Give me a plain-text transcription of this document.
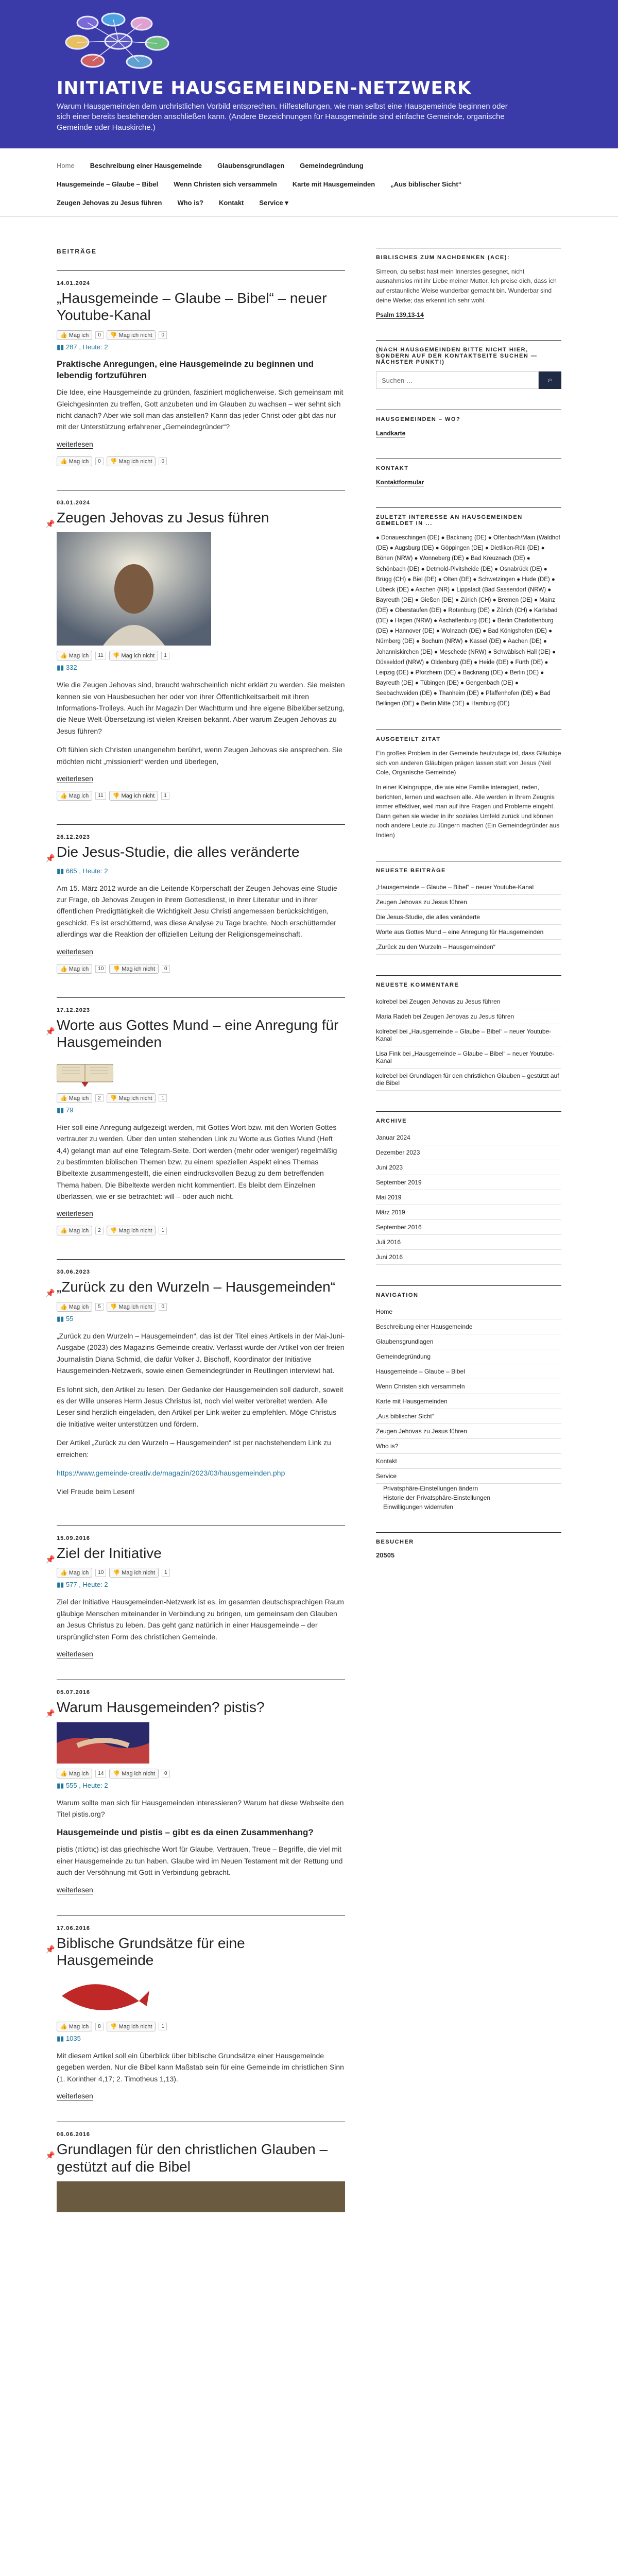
INITIATIVE HAUSGEMEINDEN-NETZWERK
Warum Hausgemeinden dem urchristlichen Vorbild entsprechen. Hilfestellungen, wie man selbst eine Hausgemeinde beginnen oder sich einer bereits bestehenden anschließen kann. (Andere Bezeichnungen für Hausgemeinde sind einfache Gemeinde, organische Gemeinde oder Hauskirche.)
Home Beschreibung einer Hausgemeinde Glaubensgrundlagen Gemeindegründung
Hausgemeinde – Glaube – Bibel Wenn Christen sich versammeln Karte mit Hausgemeinden „Aus biblischer Sicht“
Zeugen Jehovas zu Jesus führen Who is? Kontakt Service ▾
BEITRÄGE
14.01.2024
„Hausgemeinde – Glaube – Bibel“ – neuer Youtube-Kanal
👍 Mag ich	0	👎 Mag ich nicht	0
▮▮ 287 , Heute: 2
Praktische Anregungen, eine Hausgemeinde zu beginnen und lebendig fortzuführen

Die Idee, eine Hausgemeinde zu gründen, fasziniert möglicherweise. Sich gemeinsam mit Gleichgesinnten zu treffen, Gott anzubeten und im Glauben zu wachsen – wer sehnt sich nicht danach? Aber wie soll man das anstellen? Kann das jeder Christ oder gibt das nur mit der Unterstützung erfahrener „Gemeindegründer“?

weiterlesen
👍 Mag ich	0	👎 Mag ich nicht	0
📌
03.01.2024
Zeugen Jehovas zu Jesus führen
👍 Mag ich	11	👎 Mag ich nicht	1
▮▮ 332

Wie die Zeugen Jehovas sind, braucht wahrscheinlich nicht erklärt zu werden. Sie meisten kennen sie von Hausbesuchen her oder von ihrer Öffentlichkeitsarbeit mit ihren Informations-Trolleys. Auch ihr Magazin Der Wachtturm und ihre eigene Bibelübersetzung, die Neue Welt-Übersetzung ist vielen Kreisen bekannt. Aber warum Zeugen Jehovas zu Jesus führen?

Oft fühlen sich Christen unangenehm berührt, wenn Zeugen Jehovas sie ansprechen. Sie möchten nicht „missioniert“ werden und überlegen,

weiterlesen
👍 Mag ich	11	👎 Mag ich nicht	1
📌
26.12.2023
Die Jesus-Studie, die alles veränderte
▮▮ 665 , Heute: 2

Am 15. März 2012 wurde an die Leitende Körperschaft der Zeugen Jehovas eine Studie zur Frage, ob Jehovas Zeugen in ihrem Gottesdienst, in ihrer Literatur und in ihrer öffentlichen Predigttätigkeit die Wichtigkeit Jesu Christi angemessen berücksichtigen, geschickt. Es ist erschütternd, was diese Analyse zu Tage brachte. Noch erschütternder allerdings war die Reaktion der offiziellen Leitung der Religionsgemeinschaft.

weiterlesen
👍 Mag ich	10	👎 Mag ich nicht	0
📌
17.12.2023
Worte aus Gottes Mund – eine Anregung für Hausgemeinden
👍 Mag ich	2	👎 Mag ich nicht	1
▮▮ 79

Hier soll eine Anregung aufgezeigt werden, mit Gottes Wort bzw. mit den Worten Gottes vertrauter zu werden. Über den unten stehenden Link zu Worte aus Gottes Mund (Heft 4,4) gelangt man auf eine Telegram-Seite. Dort werden (mehr oder weniger) regelmäßig zu bestimmten biblischen Themen bzw. zu einem speziellen Aspekt eines Themas Bibeltexte zusammengestellt, die einen eindrucksvollen Bezug zu dem betreffenden Thema haben. Die Bibeltexte werden nicht kommentiert. Es bleibt dem Einzelnen überlassen, wie er sie betrachtet: will – oder auch nicht.

weiterlesen
👍 Mag ich	2	👎 Mag ich nicht	1
📌
30.06.2023
„Zurück zu den Wurzeln – Hausgemeinden“
👍 Mag ich	5	👎 Mag ich nicht	0
▮▮ 55

„Zurück zu den Wurzeln – Hausgemeinden“, das ist der Titel eines Artikels in der Mai-Juni-Ausgabe (2023) des Magazins Gemeinde creativ. Verfasst wurde der Artikel von der freien Journalistin Diana Schmid, die dafür Volker J. Bischoff, Koordinator der Initiative Hausgemeinden-Netzwerk, sowie einen Gemeindegründer in Reutlingen interviewt hat.

Es lohnt sich, den Artikel zu lesen. Der Gedanke der Hausgemeinden soll dadurch, soweit es der Wille unseres Herrn Jesus Christus ist, noch viel weiter verbreitet werden. Alle Leser sind herzlich eingeladen, den Artikel per Link weiter zu empfehlen. Möge Christus die Initiative weiter unterstützen und fördern.

Der Artikel „Zurück zu den Wurzeln – Hausgemeinden“ ist per nachstehendem Link zu erreichen:

https://www.gemeinde-creativ.de/magazin/2023/03/hausgemeinden.php

Viel Freude beim Lesen!

📌
15.09.2016
Ziel der Initiative
👍 Mag ich	10	👎 Mag ich nicht	1
▮▮ 577 , Heute: 2

Ziel der Initiative Hausgemeinden-Netzwerk ist es, im gesamten deutschsprachigen Raum gläubige Menschen miteinander in Verbindung zu bringen, um gemeinsam den Glauben an Jesus Christus zu leben. Das geht ganz natürlich in einer Hausgemeinde – der ursprünglichsten Form des christlichen Gemeinde.

weiterlesen
📌
05.07.2016
Warum Hausgemeinden? pistis?
👍 Mag ich	14	👎 Mag ich nicht	0
▮▮ 555 , Heute: 2

Warum sollte man sich für Hausgemeinden interessieren? Warum hat diese Webseite den Titel pistis.org?

Hausgemeinde und pistis – gibt es da einen Zusammenhang?

pistis (πίστις) ist das griechische Wort für Glaube, Vertrauen, Treue – Begriffe, die viel mit einer Hausgemeinde zu tun haben. Glaube wird im Neuen Testament mit der Rettung und auch der Versöhnung mit Gott in Verbindung gebracht.

weiterlesen
📌
17.06.2016
Biblische Grundsätze für eine Hausgemeinde
👍 Mag ich	8	👎 Mag ich nicht	1
▮▮ 1035

Mit diesem Artikel soll ein Überblick über biblische Grundsätze einer Hausgemeinde gegeben werden. Nur die Bibel kann Maßstab sein für eine Gemeinde im christlichen Sinn (1. Korinther 4,17; 2. Timotheus 1,13).

weiterlesen
📌
06.06.2016
Grundlagen für den christlichen Glauben – gestützt auf die Bibel
BIBLISCHES ZUM NACHDENKEN (ACE):

Simeon, du selbst hast mein Innerstes gesegnet, nicht ausnahmslos mit ihr Liebe meiner Mutter. Ich preise dich, dass ich auf erstaunliche Weise wunderbar gemacht bin. Wunderbar sind deine Werke; das erkennt ich sehr wohl.

Psalm 139,13-14
(NACH HAUSGEMEINDEN BITTE NICHT HIER, SONDERN AUF DER KONTAKTSEITE SUCHEN — NÄCHSTER PUNKT!)
Suchen …
⌕
HAUSGEMEINDEN – WO?
Landkarte
KONTAKT
Kontaktformular
ZULETZT INTERESSE AN HAUSGEMEINDEN GEMELDET IN ...
● Donaueschingen (DE) ● Backnang (DE) ● Offenbach/Main (Waldhof (DE) ● Augsburg (DE) ● Göppingen (DE) ● Dietlikon-Rüti (DE) ● Bönen (NRW) ● Wonneberg (DE) ● Bad Kreuznach (DE) ● Schönbach (DE) ● Detmold-Pivitsheide (DE) ● Osnabrück (DE) ● Brügg (CH) ● Biel (DE) ● Olten (DE) ● Schwetzingen ● Hude (DE) ● Lübeck (DE) ● Aachen (NR) ● Lippstadt (Bad Sassendorf (NRW) ● Bayreuth (DE) ● Gießen (DE) ● Zürich (CH) ● Bremen (DE) ● Mainz (DE) ● Oberstaufen (DE) ● Rotenburg (DE) ● Zürich (CH) ● Karlsbad (DE) ● Hagen (NRW) ● Aschaffenburg (DE) ● Berlin Charlottenburg (DE) ● Hannover (DE) ● Wolnzach (DE) ● Bad Königshofen (DE) ● Nürnberg (DE) ● Bochum (NRW) ● Kassel (DE) ● Aachen (DE) ● Johanniskirchen (DE) ● Meschede (NRW) ● Schwäbisch Hall (DE) ● Düsseldorf (NRW) ● Oldenburg (DE) ● Heide (DE) ● Fürth (DE) ● Leipzig (DE) ● Pforzheim (DE) ● Backnang (DE) ● Berlin (DE) ● Bayreuth (DE) ● Tübingen (DE) ● Gengenbach (DE) ● Seebachweiden (DE) ● Thanheim (DE) ● Pfaffenhofen (DE) ● Bad Bellingen (DE) ● Berlin Mitte (DE) ● Hamburg (DE)
AUSGETEILT ZITAT

Ein großes Problem in der Gemeinde heutzutage ist, dass Gläubige sich von anderen Gläubigen prägen lassen statt von Jesus (Neil Cole, Organische Gemeinde)

In einer Kleingruppe, die wie eine Familie interagiert, reden, berichten, lernen und wachsen alle. Alle werden in Ihrem Zeugnis immer effektiver, weil man auf ihre Fragen und Probleme eingeht. Dann gehen sie wieder in ihr soziales Umfeld zurück und können noch andere Leute zu Jüngern machen (Ein Gemeindegründer aus Indien)

NEUESTE BEITRÄGE
„Hausgemeinde – Glaube – Bibel“ – neuer Youtube-Kanal
Zeugen Jehovas zu Jesus führen
Die Jesus-Studie, die alles veränderte
Worte aus Gottes Mund – eine Anregung für Hausgemeinden
„Zurück zu den Wurzeln – Hausgemeinden“
NEUESTE KOMMENTARE
kolrebel bei Zeugen Jehovas zu Jesus führen
Maria Radeh bei Zeugen Jehovas zu Jesus führen
kolrebel bei „Hausgemeinde – Glaube – Bibel“ – neuer Youtube-Kanal
Lisa Fink bei „Hausgemeinde – Glaube – Bibel“ – neuer Youtube-Kanal
kolrebel bei Grundlagen für den christlichen Glauben – gestützt auf die Bibel
ARCHIVE
Januar 2024
Dezember 2023
Juni 2023
September 2019
Mai 2019
März 2019
September 2016
Juli 2016
Juni 2016
NAVIGATION
Home
Beschreibung einer Hausgemeinde
Glaubensgrundlagen
Gemeindegründung
Hausgemeinde – Glaube – Bibel
Wenn Christen sich versammeln
Karte mit Hausgemeinden
„Aus biblischer Sicht“
Zeugen Jehovas zu Jesus führen
Who is?
Kontakt
Service
Privatsphäre-Einstellungen ändern
Historie der Privatsphäre-Einstellungen
Einwilligungen widerrufen
BESUCHER
20505
